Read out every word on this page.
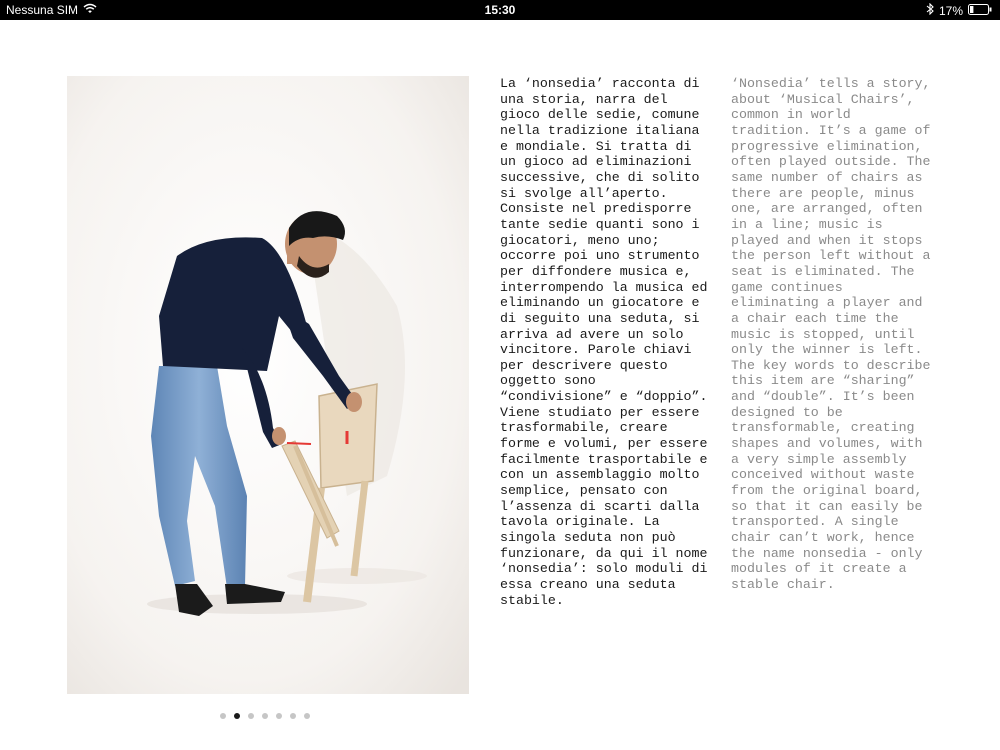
Nessuna SIM	15:30	17%

La ‘nonsedia’ racconta di
una storia, narra del
gioco delle sedie, comune
nella tradizione italiana
e mondiale. Si tratta di
un gioco ad eliminazioni
successive, che di solito
si svolge all’aperto.
Consiste nel predisporre
tante sedie quanti sono i
giocatori, meno uno;
occorre poi uno strumento
per diffondere musica e,
interrompendo la musica ed
eliminando un giocatore e
di seguito una seduta, si
arriva ad avere un solo
vincitore. Parole chiavi
per descrivere questo
oggetto sono
“condivisione” e “doppio”.
Viene studiato per essere
trasformabile, creare
forme e volumi, per essere
facilmente trasportabile e
con un assemblaggio molto
semplice, pensato con
l’assenza di scarti dalla
tavola originale. La
singola seduta non può
funzionare, da qui il nome
‘nonsedia’: solo moduli di
essa creano una seduta
stabile.

‘Nonsedia’ tells a story,
about ‘Musical Chairs’,
common in world
tradition. It’s a game of
progressive elimination,
often played outside. The
same number of chairs as
there are people, minus
one, are arranged, often
in a line; music is
played and when it stops
the person left without a
seat is eliminated. The
game continues
eliminating a player and
a chair each time the
music is stopped, until
only the winner is left.
The key words to describe
this item are “sharing”
and “double”. It’s been
designed to be
transformable, creating
shapes and volumes, with
a very simple assembly
conceived without waste
from the original board,
so that it can easily be
transported. A single
chair can’t work, hence
the name nonsedia - only
modules of it create a
stable chair.
